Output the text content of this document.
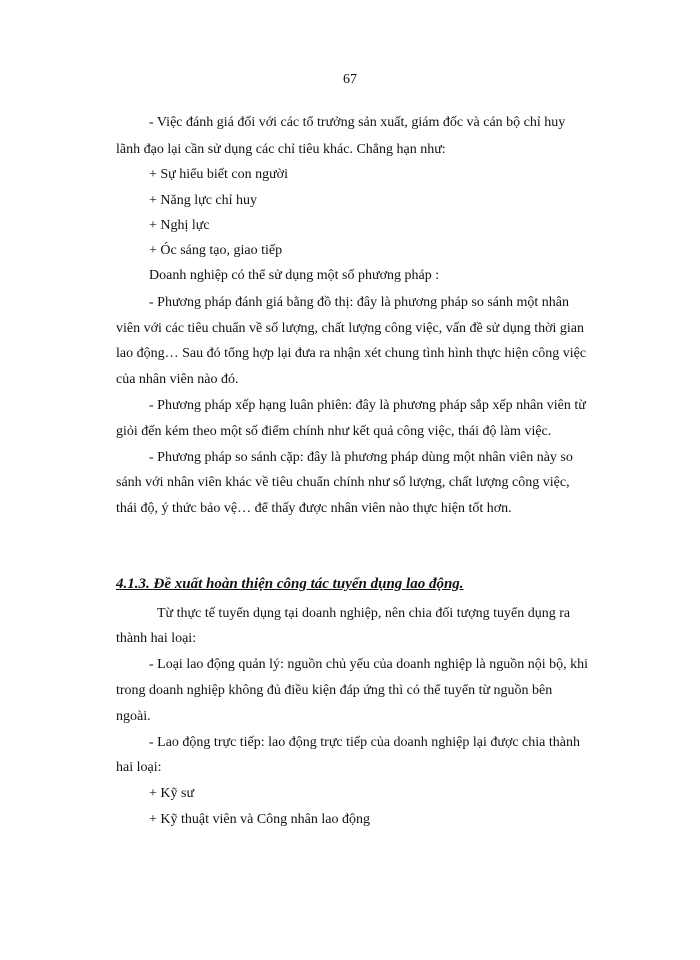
67
- Việc đánh giá đối với các tổ trưởng sản xuất, giám đốc và cán bộ chỉ huy
lãnh đạo lại cần sử dụng các chỉ tiêu khác. Chẳng hạn như:
+ Sự hiểu biết con người
+ Năng lực chỉ huy
+ Nghị lực
+ Óc sáng tạo, giao tiếp
Doanh nghiệp có thể sử dụng một số phương pháp :
- Phương pháp đánh giá bằng đồ thị: đây là phương pháp so sánh một nhân
viên với các tiêu chuẩn về số lượng, chất lượng công việc, vấn đề sử dụng thời gian
lao động… Sau đó tổng hợp lại đưa ra nhận xét chung tình hình thực hiện công việc
của nhân viên nào đó.
- Phương pháp xếp hạng luân phiên: đây là phương pháp sắp xếp nhân viên từ
giỏi đến kém theo một số điểm chính như kết quả công việc, thái độ làm việc.
- Phương pháp so sánh cặp: đây là phương pháp dùng một nhân viên này so
sánh với nhân viên khác về tiêu chuẩn chính như số lượng, chất lượng công việc,
thái độ, ý thức bảo vệ… để thấy được nhân viên nào thực hiện tốt hơn.
4.1.3. Đề xuất hoàn thiện công tác tuyển dụng lao động.
Từ thực tế tuyển dụng tại doanh nghiệp, nên chia đối tượng tuyển dụng ra
thành hai loại:
- Loại lao động quản lý: nguồn chủ yếu của doanh nghiệp là nguồn nội bộ, khi
trong doanh nghiệp không đủ điều kiện đáp ứng thì có thể tuyển từ nguồn bên
ngoài.
- Lao động trực tiếp: lao động trực tiếp của doanh nghiệp lại được chia thành
hai loại:
+ Kỹ sư
+ Kỹ thuật viên và Công nhân lao động
